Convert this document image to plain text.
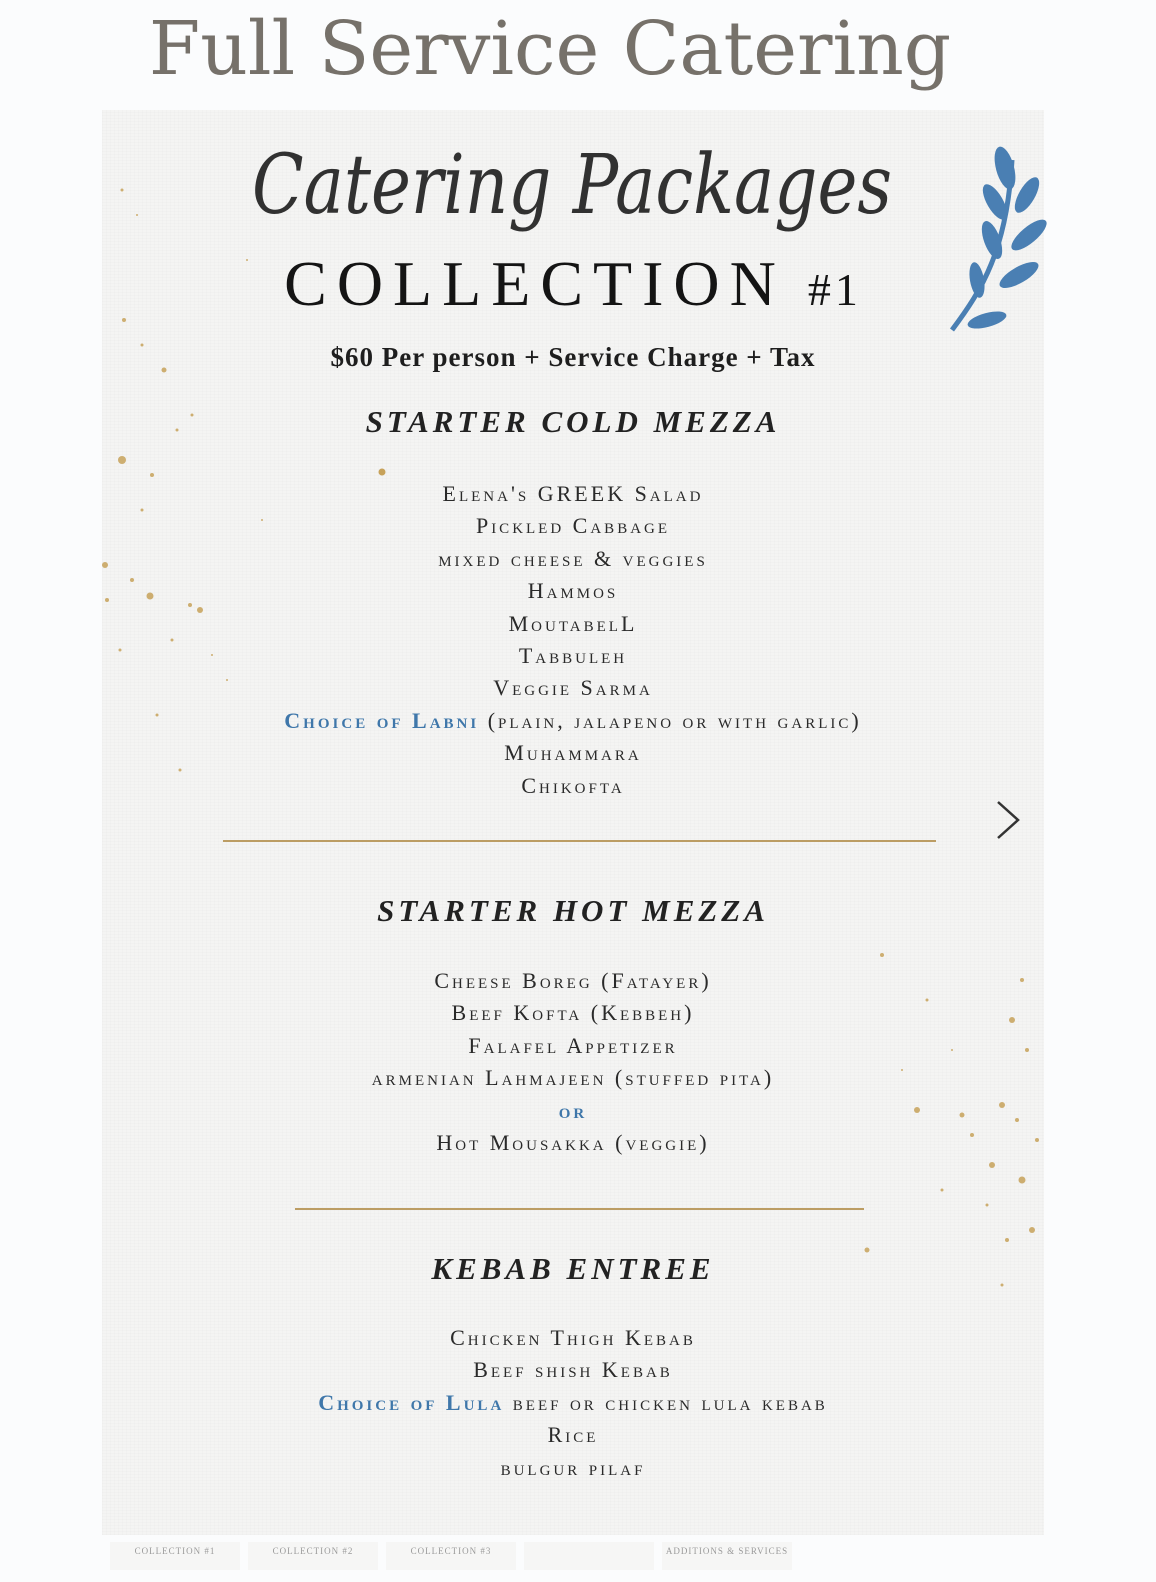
Full Service Catering
Catering Packages
COLLECTION #1
$60 Per person + Service Charge + Tax
STARTER COLD MEZZA
Elena's GREEK Salad
Pickled Cabbage
mixed cheese & veggies
Hammos
MoutabelL
Tabbuleh
Veggie Sarma
Choice of Labni (plain, jalapeno or with garlic)
Muhammara
Chikofta
STARTER HOT MEZZA
Cheese Boreg (Fatayer)
Beef Kofta (Kebbeh)
Falafel Appetizer
armenian Lahmajeen (stuffed pita)
or
Hot Mousakka (veggie)
KEBAB ENTREE
Chicken Thigh Kebab
Beef shish Kebab
Choice of Lula beef or chicken lula kebab
Rice
bulgur pilaf
COLLECTION #1	COLLECTION #2	COLLECTION #3	ADDITIONS & SERVICES
